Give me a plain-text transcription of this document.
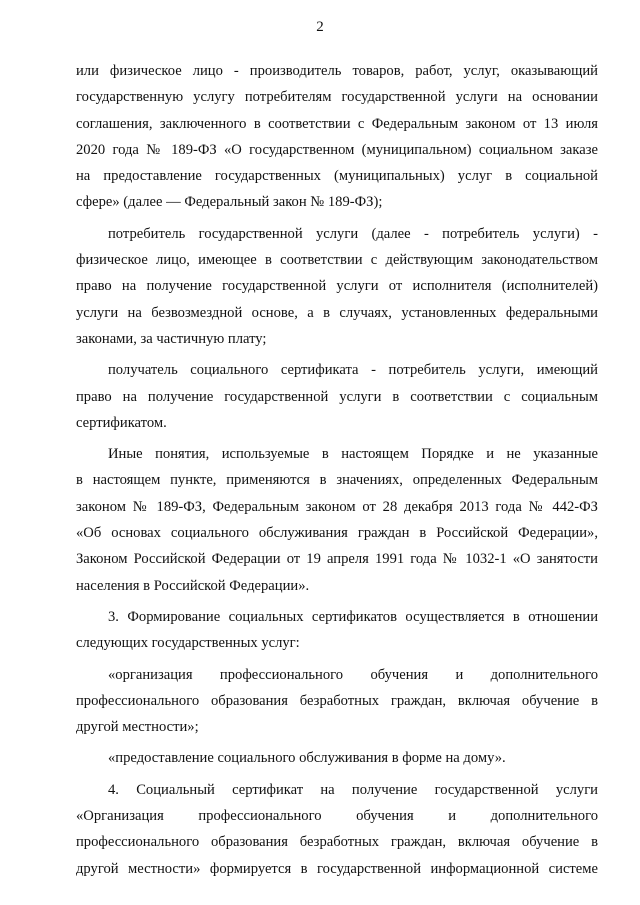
2
или физическое лицо - производитель товаров, работ, услуг, оказывающий
государственную услугу потребителям государственной услуги на основании
соглашения, заключенного в соответствии с Федеральным законом от 13 июля
2020 года № 189-ФЗ «О государственном (муниципальном) социальном заказе
на предоставление государственных (муниципальных) услуг в социальной
сфере» (далее — Федеральный закон № 189-ФЗ);
потребитель государственной услуги (далее - потребитель услуги) -
физическое лицо, имеющее в соответствии с действующим законодательством
право на получение государственной услуги от исполнителя (исполнителей)
услуги на безвозмездной основе, а в случаях, установленных федеральными
законами, за частичную плату;
получатель социального сертификата - потребитель услуги, имеющий
право на получение государственной услуги в соответствии с социальным
сертификатом.
Иные понятия, используемые в настоящем Порядке и не указанные
в настоящем пункте, применяются в значениях, определенных Федеральным
законом № 189-ФЗ, Федеральным законом от 28 декабря 2013 года № 442-ФЗ
«Об основах социального обслуживания граждан в Российской Федерации»,
Законом Российской Федерации от 19 апреля 1991 года № 1032-1 «О занятости
населения в Российской Федерации».
3. Формирование социальных сертификатов осуществляется в отношении
следующих государственных услуг:
«организация профессионального обучения и дополнительного
профессионального образования безработных граждан, включая обучение в
другой местности»;
«предоставление социального обслуживания в форме на дому».
4. Социальный сертификат на получение государственной услуги
«Организация профессионального обучения и дополнительного
профессионального образования безработных граждан, включая обучение в
другой местности» формируется в государственной информационной системе
